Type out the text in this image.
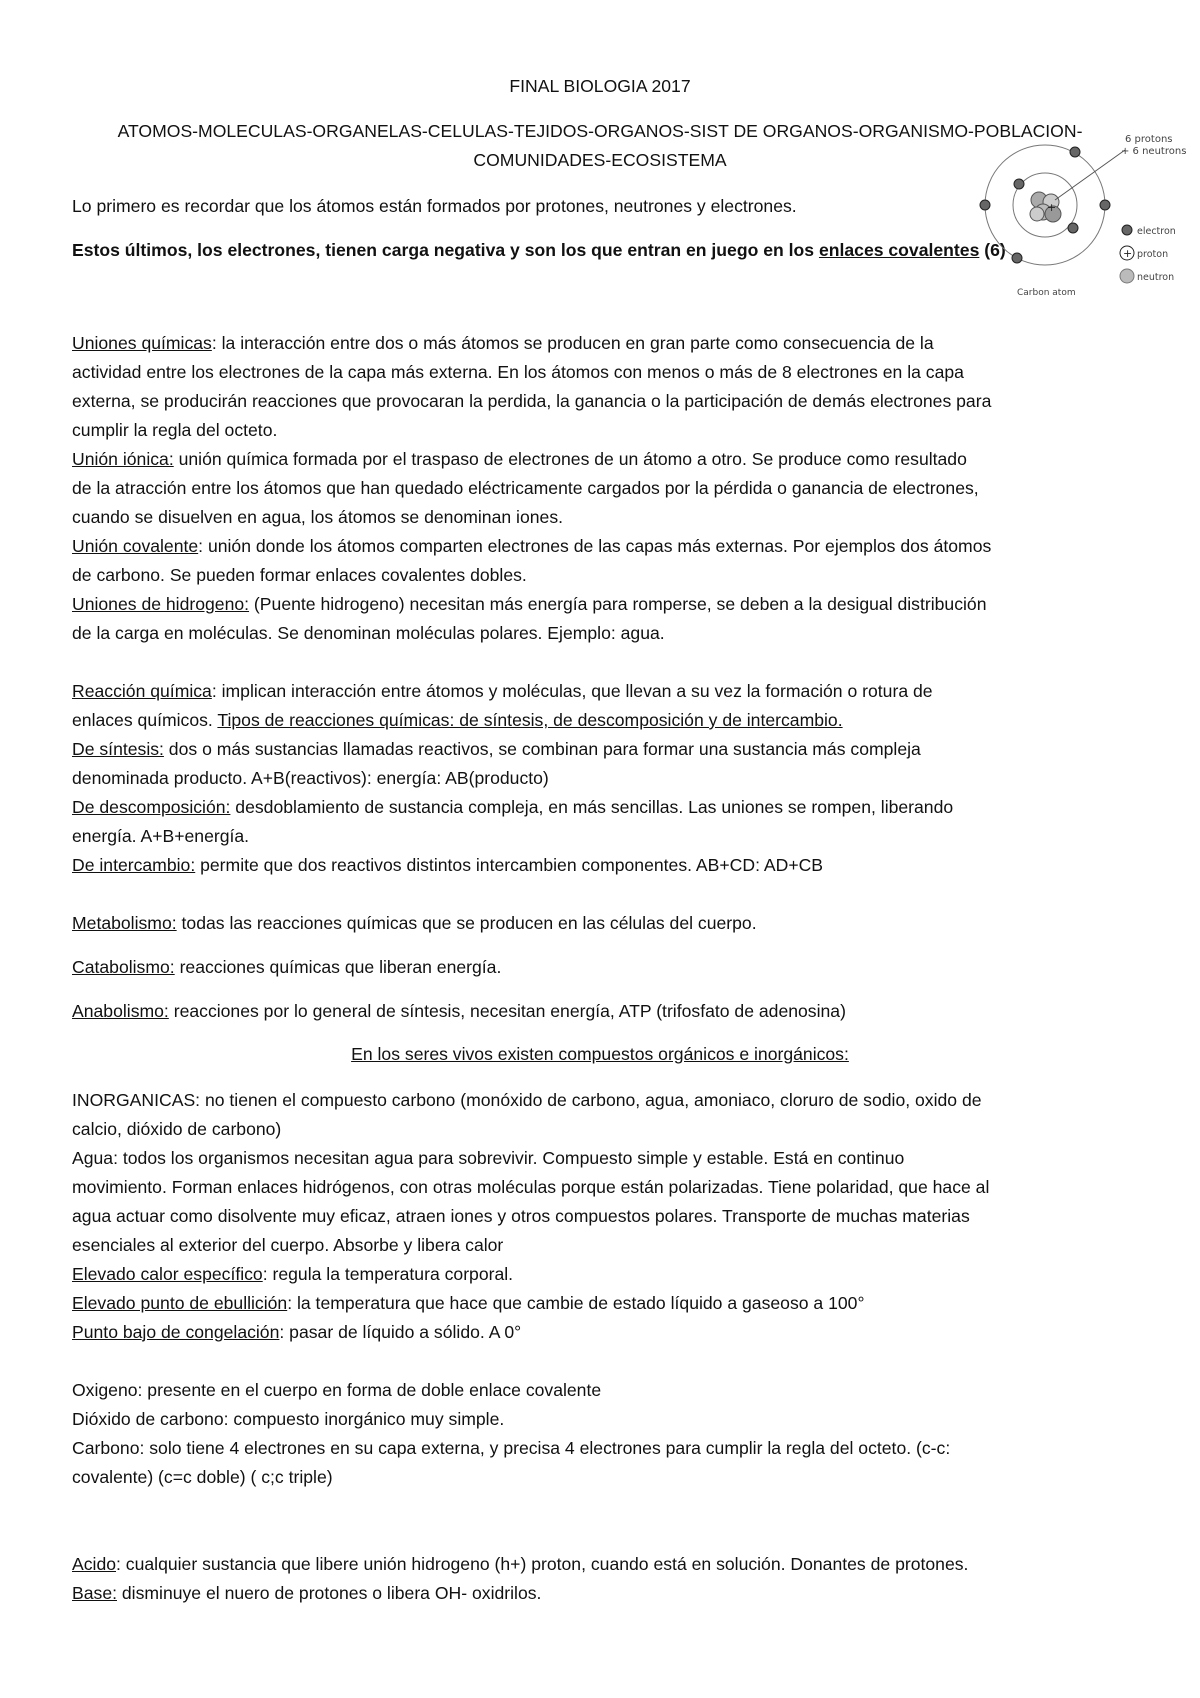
FINAL BIOLOGIA 2017
ATOMOS-MOLECULAS-ORGANELAS-CELULAS-TEJIDOS-ORGANOS-SIST DE ORGANOS-ORGANISMO-POBLACION-
COMUNIDADES-ECOSISTEMA
Lo primero es recordar que los átomos están formados por protones, neutrones y electrones.
Estos últimos, los electrones, tienen carga negativa y son los que entran en juego en los enlaces covalentes (6)
+
6 protons
+ 6 neutrons
Carbon atom
electron
+ proton
neutron
Uniones químicas: la interacción entre dos o más átomos se producen en gran parte como consecuencia de la
actividad entre los electrones de la capa más externa. En los átomos con menos o más de 8 electrones en la capa
externa, se producirán reacciones que provocaran la perdida, la ganancia o la participación de demás electrones para
cumplir la regla del octeto.
Unión iónica: unión química formada por el traspaso de electrones de un átomo a otro. Se produce como resultado
de la atracción entre los átomos que han quedado eléctricamente cargados por la pérdida o ganancia de electrones,
cuando se disuelven en agua, los átomos se denominan iones.
Unión covalente: unión donde los átomos comparten electrones de las capas más externas. Por ejemplos dos átomos
de carbono. Se pueden formar enlaces covalentes dobles.
Uniones de hidrogeno: (Puente hidrogeno) necesitan más energía para romperse, se deben a la desigual distribución
de la carga en moléculas. Se denominan moléculas polares. Ejemplo: agua.
Reacción química: implican interacción entre átomos y moléculas, que llevan a su vez la formación o rotura de
enlaces químicos. Tipos de reacciones químicas: de síntesis, de descomposición y de intercambio.
De síntesis: dos o más sustancias llamadas reactivos, se combinan para formar una sustancia más compleja
denominada producto. A+B(reactivos): energía: AB(producto)
De descomposición: desdoblamiento de sustancia compleja, en más sencillas. Las uniones se rompen, liberando
energía. A+B+energía.
De intercambio: permite que dos reactivos distintos intercambien componentes. AB+CD: AD+CB
Metabolismo: todas las reacciones químicas que se producen en las células del cuerpo.
Catabolismo: reacciones químicas que liberan energía.
Anabolismo: reacciones por lo general de síntesis, necesitan energía, ATP (trifosfato de adenosina)
En los seres vivos existen compuestos orgánicos e inorgánicos:
INORGANICAS: no tienen el compuesto carbono (monóxido de carbono, agua, amoniaco, cloruro de sodio, oxido de
calcio, dióxido de carbono)
Agua: todos los organismos necesitan agua para sobrevivir. Compuesto simple y estable. Está en continuo
movimiento. Forman enlaces hidrógenos, con otras moléculas porque están polarizadas. Tiene polaridad, que hace al
agua actuar como disolvente muy eficaz, atraen iones y otros compuestos polares. Transporte de muchas materias
esenciales al exterior del cuerpo. Absorbe y libera calor
Elevado calor específico: regula la temperatura corporal.
Elevado punto de ebullición: la temperatura que hace que cambie de estado líquido a gaseoso a 100°
Punto bajo de congelación: pasar de líquido a sólido. A 0°
Oxigeno: presente en el cuerpo en forma de doble enlace covalente
Dióxido de carbono: compuesto inorgánico muy simple.
Carbono: solo tiene 4 electrones en su capa externa, y precisa 4 electrones para cumplir la regla del octeto. (c-c:
covalente) (c=c doble) ( c;c triple)
Acido: cualquier sustancia que libere unión hidrogeno (h+) proton, cuando está en solución. Donantes de protones.
Base: disminuye el nuero de protones o libera OH- oxidrilos.
